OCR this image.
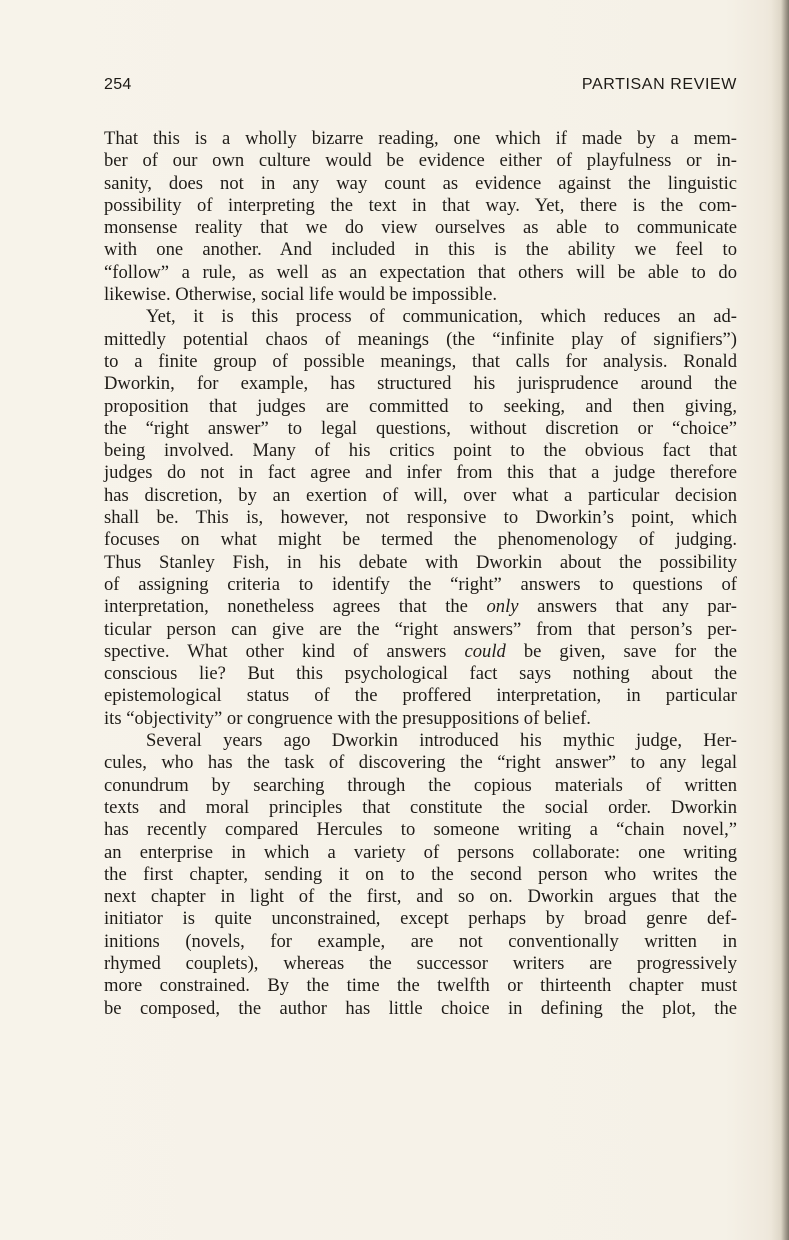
254	PARTISAN REVIEW
That this is a wholly bizarre reading, one which if made by a mem-
ber of our own culture would be evidence either of playfulness or in-
sanity, does not in any way count as evidence against the linguistic
possibility of interpreting the text in that way. Yet, there is the com-
monsense reality that we do view ourselves as able to communicate
with one another. And included in this is the ability we feel to
“follow” a rule, as well as an expectation that others will be able to do
likewise. Otherwise, social life would be impossible.
Yet, it is this process of communication, which reduces an ad-
mittedly potential chaos of meanings (the “infinite play of signifiers”)
to a finite group of possible meanings, that calls for analysis. Ronald
Dworkin, for example, has structured his jurisprudence around the
proposition that judges are committed to seeking, and then giving,
the “right answer” to legal questions, without discretion or “choice”
being involved. Many of his critics point to the obvious fact that
judges do not in fact agree and infer from this that a judge therefore
has discretion, by an exertion of will, over what a particular decision
shall be. This is, however, not responsive to Dworkin’s point, which
focuses on what might be termed the phenomenology of judging.
Thus Stanley Fish, in his debate with Dworkin about the possibility
of assigning criteria to identify the “right” answers to questions of
interpretation, nonetheless agrees that the only answers that any par-
ticular person can give are the “right answers” from that person’s per-
spective. What other kind of answers could be given, save for the
conscious lie? But this psychological fact says nothing about the
epistemological status of the proffered interpretation, in particular
its “objectivity” or congruence with the presuppositions of belief.
Several years ago Dworkin introduced his mythic judge, Her-
cules, who has the task of discovering the “right answer” to any legal
conundrum by searching through the copious materials of written
texts and moral principles that constitute the social order. Dworkin
has recently compared Hercules to someone writing a “chain novel,”
an enterprise in which a variety of persons collaborate: one writing
the first chapter, sending it on to the second person who writes the
next chapter in light of the first, and so on. Dworkin argues that the
initiator is quite unconstrained, except perhaps by broad genre def-
initions (novels, for example, are not conventionally written in
rhymed couplets), whereas the successor writers are progressively
more constrained. By the time the twelfth or thirteenth chapter must
be composed, the author has little choice in defining the plot, the
